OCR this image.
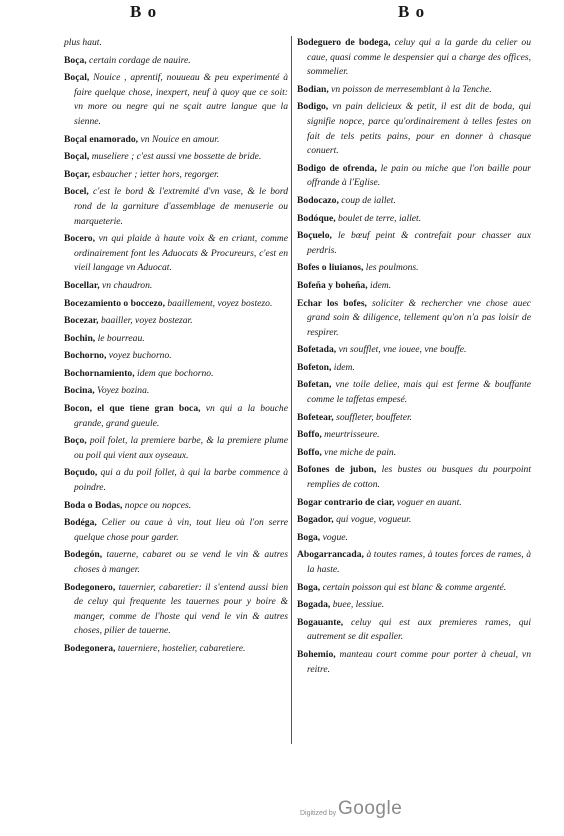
B o	B o

plus haut.

Boça, certain cordage de nauire.

Boçal, Nouice , aprentif, nouueau & peu experimenté à faire quelque chose, inexpert, neuf à quoy que ce soit: vn more ou negre qui ne sçait autre langue que la sienne.

Boçal enamorado, vn Nouice en amour.

Boçal, museliere ; c'est aussi vne bossette de bride.

Boçar, esbaucher ; ietter hors, regorger.

Bocel, c'est le bord & l'extremité d'vn vase, & le bord rond de la garniture d'assemblage de menuserie ou marqueterie.

Bocero, vn qui plaide à haute voix & en criant, comme ordinairement font les Aduocats & Procureurs, c'est en vieil langage vn Aduocat.

Bocellar, vn chaudron.

Bocezamiento o boccezo, baaillement, voyez bostezo.

Bocezar, baailler, voyez bostezar.

Bochin, le bourreau.

Bochorno, voyez buchorno.

Bochornamiento, idem que bochorno.

Bocina, Voyez bozina.

Bocon, el que tiene gran boca, vn qui a la bouche grande, grand gueule.

Boço, poil folet, la premiere barbe, & la premiere plume ou poil qui vient aux oyseaux.

Boçudo, qui a du poil follet, à qui la barbe commence à poindre.

Boda o Bodas, nopce ou nopces.

Bodéga, Celier ou caue à vin, tout lieu où l'on serre quelque chose pour garder.

Bodegón, tauerne, cabaret ou se vend le vin & autres choses à manger.

Bodegonero, tauernier, cabaretier: il s'entend aussi bien de celuy qui frequente les tauernes pour y boire & manger, comme de l'hoste qui vend le vin & autres choses, pilier de tauerne.

Bodegonera, tauerniere, hostelier, cabaretiere.

Bodeguero de bodega, celuy qui a la garde du celier ou caue, quasi comme le despensier qui a charge des offices, sommelier.

Bodian, vn poisson de merresemblant à la Tenche.

Bodigo, vn pain delicieux & petit, il est dit de boda, qui signifie nopce, parce qu'ordinairement à telles festes on fait de tels petits pains, pour en donner à chasque conuert.

Bodigo de ofrenda, le pain ou miche que l'on baille pour offrande à l'Eglise.

Bodocazo, coup de iallet.

Bodóque, boulet de terre, iallet.

Boçuelo, le bœuf peint & contrefait pour chasser aux perdris.

Bofes o liuianos, les poulmons.

Bofeña y boheña, idem.

Echar los bofes, soliciter & rechercher vne chose auec grand soin & diligence, tellement qu'on n'a pas loisir de respirer.

Bofetada, vn soufflet, vne iouee, vne bouffe.

Bofeton, idem.

Bofetan, vne toile deliee, mais qui est ferme & bouffante comme le taffetas empesé.

Bofetear, souffleter, bouffeter.

Boffo, meurtrisseure.

Boffo, vne miche de pain.

Bofones de jubon, les bustes ou busques du pourpoint remplies de cotton.

Bogar contrario de ciar, voguer en auant.

Bogador, qui vogue, vogueur.

Boga, vogue.

Abogarrancada, à toutes rames, à toutes forces de rames, à la haste.

Boga, certain poisson qui est blanc & comme argenté.

Bogada, buee, lessiue.

Bogauante, celuy qui est aux premieres rames, qui autrement se dit espaller.

Bohemio, manteau court comme pour porter à cheual, vn reitre.

Digitized by Google
